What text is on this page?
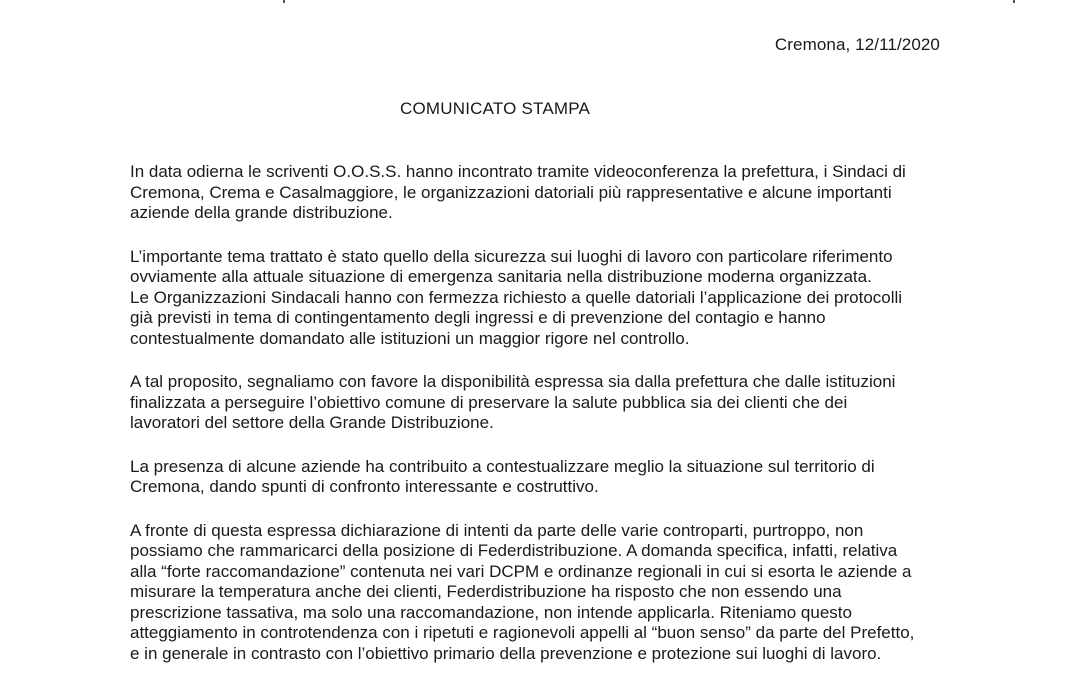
Cremona, 12/11/2020
COMUNICATO STAMPA
In data odierna le scriventi O.O.S.S. hanno incontrato tramite videoconferenza la prefettura, i Sindaci di
Cremona, Crema e Casalmaggiore, le organizzazioni datoriali più rappresentative e alcune importanti
aziende della grande distribuzione.
L’importante tema trattato è stato quello della sicurezza sui luoghi di lavoro con particolare riferimento
ovviamente alla attuale situazione di emergenza sanitaria nella distribuzione moderna organizzata.
Le Organizzazioni Sindacali hanno con fermezza richiesto a quelle datoriali l’applicazione dei protocolli
già previsti in tema di contingentamento degli ingressi e di prevenzione del contagio e hanno
contestualmente domandato alle istituzioni un maggior rigore nel controllo.
A tal proposito, segnaliamo con favore la disponibilità espressa sia dalla prefettura che dalle istituzioni
finalizzata a perseguire l’obiettivo comune di preservare la salute pubblica sia dei clienti che dei
lavoratori del settore della Grande Distribuzione.
La presenza di alcune aziende ha contribuito a contestualizzare meglio la situazione sul territorio di
Cremona, dando spunti di confronto interessante e costruttivo.
A fronte di questa espressa dichiarazione di intenti da parte delle varie controparti, purtroppo, non
possiamo che rammaricarci della posizione di Federdistribuzione. A domanda specifica, infatti, relativa
alla “forte raccomandazione” contenuta nei vari DCPM e ordinanze regionali in cui si esorta le aziende a
misurare la temperatura anche dei clienti, Federdistribuzione ha risposto che non essendo una
prescrizione tassativa, ma solo una raccomandazione, non intende applicarla. Riteniamo questo
atteggiamento in controtendenza con i ripetuti e ragionevoli appelli al “buon senso” da parte del Prefetto,
e in generale in contrasto con l’obiettivo primario della prevenzione e protezione sui luoghi di lavoro.
